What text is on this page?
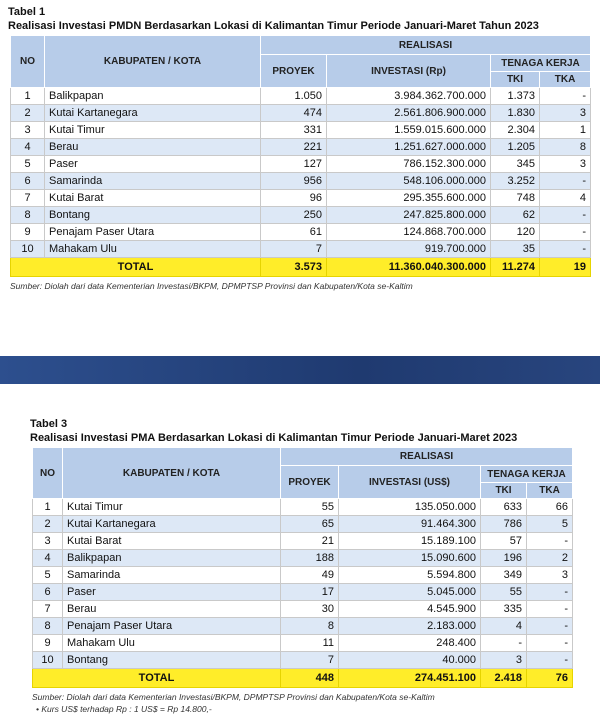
Tabel 1
Realisasi Investasi PMDN Berdasarkan Lokasi di Kalimantan Timur Periode Januari-Maret Tahun 2023
NO	KABUPATEN / KOTA	REALISASI			
		PROYEK	INVESTASI (Rp)	TENAGA KERJA	
				TKI	TKA
1	Balikpapan	1.050	3.984.362.700.000	1.373	-
2	Kutai Kartanegara	474	2.561.806.900.000	1.830	3
3	Kutai Timur	331	1.559.015.600.000	2.304	1
4	Berau	221	1.251.627.000.000	1.205	8
5	Paser	127	786.152.300.000	345	3
6	Samarinda	956	548.106.000.000	3.252	-
7	Kutai Barat	96	295.355.600.000	748	4
8	Bontang	250	247.825.800.000	62	-
9	Penajam Paser Utara	61	124.868.700.000	120	-
10	Mahakam Ulu	7	919.700.000	35	-
TOTAL		3.573	11.360.040.300.000	11.274	19
Sumber: Diolah dari data Kementerian Investasi/BKPM, DPMPTSP Provinsi dan Kabupaten/Kota se-Kaltim
Tabel 3
Realisasi Investasi PMA Berdasarkan Lokasi di Kalimantan Timur Periode Januari-Maret 2023
NO	KABUPATEN / KOTA	REALISASI			
		PROYEK	INVESTASI (US$)	TENAGA KERJA	
				TKI	TKA
1	Kutai Timur	55	135.050.000	633	66
2	Kutai Kartanegara	65	91.464.300	786	5
3	Kutai Barat	21	15.189.100	57	-
4	Balikpapan	188	15.090.600	196	2
5	Samarinda	49	5.594.800	349	3
6	Paser	17	5.045.000	55	-
7	Berau	30	4.545.900	335	-
8	Penajam Paser Utara	8	2.183.000	4	-
9	Mahakam Ulu	11	248.400	-	-
10	Bontang	7	40.000	3	-
TOTAL		448	274.451.100	2.418	76
Sumber: Diolah dari data Kementerian Investasi/BKPM, DPMPTSP Provinsi dan Kabupaten/Kota se-Kaltim
• Kurs US$ terhadap Rp : 1 US$ = Rp 14.800,-
